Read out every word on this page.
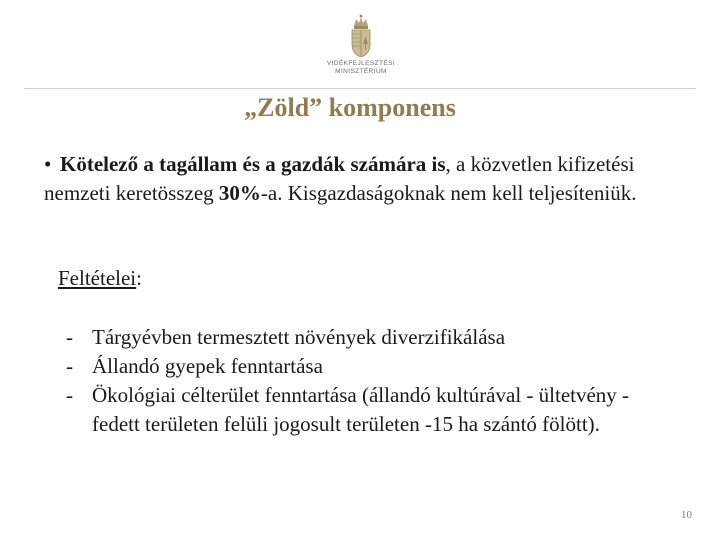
VIDÉKFEJLESZTÉSI
MINISZTÉRIUM
„Zöld” komponens
• Kötelező a tagállam és a gazdák számára is, a közvetlen kifizetési nemzeti keretösszeg 30%-a. Kisgazdaságoknak nem kell teljesíteniük.
Feltételei:
- Tárgyévben termesztett növények diverzifikálása
- Állandó gyepek fenntartása
- Ökológiai célterület fenntartása (állandó kultúrával - ültetvény - fedett területen felüli jogosult területen -15 ha szántó fölött).
10
